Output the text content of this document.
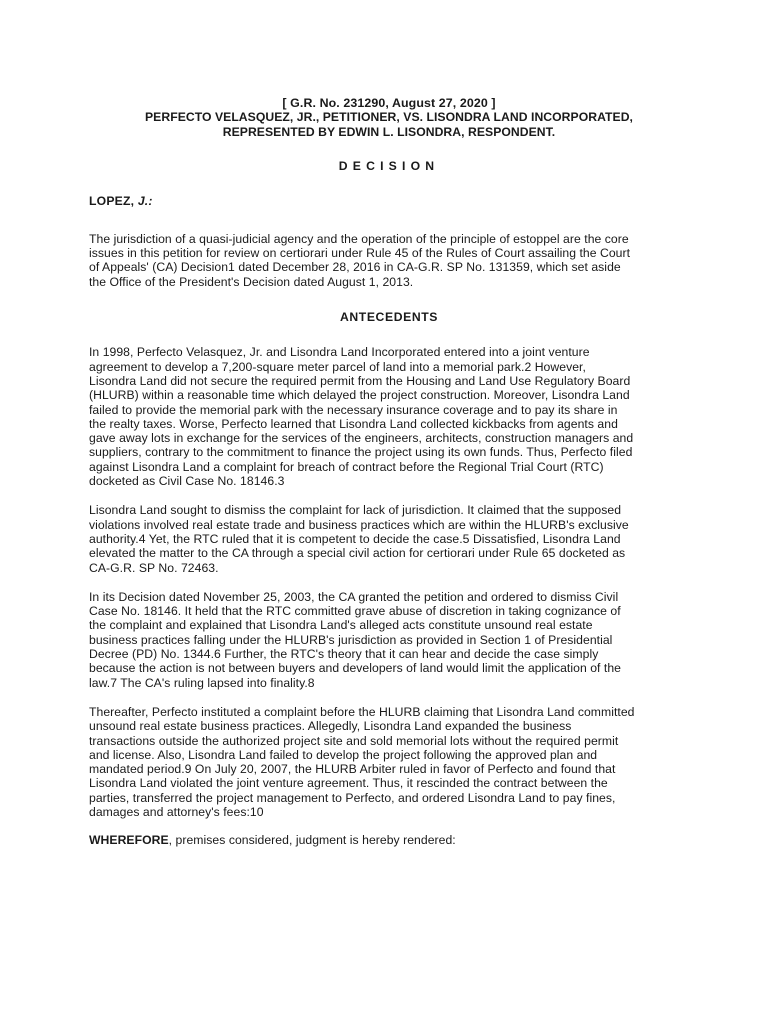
[ G.R. No. 231290, August 27, 2020 ]

PERFECTO VELASQUEZ, JR., PETITIONER, VS. LISONDRA LAND INCORPORATED,
REPRESENTED BY EDWIN L. LISONDRA, RESPONDENT.

DECISION

LOPEZ, J.:

The jurisdiction of a quasi-judicial agency and the operation of the principle of estoppel are the core
issues in this petition for review on certiorari under Rule 45 of the Rules of Court assailing the Court
of Appeals' (CA) Decision1 dated December 28, 2016 in CA-G.R. SP No. 131359, which set aside
the Office of the President's Decision dated August 1, 2013.

ANTECEDENTS

In 1998, Perfecto Velasquez, Jr. and Lisondra Land Incorporated entered into a joint venture
agreement to develop a 7,200-square meter parcel of land into a memorial park.2 However,
Lisondra Land did not secure the required permit from the Housing and Land Use Regulatory Board
(HLURB) within a reasonable time which delayed the project construction. Moreover, Lisondra Land
failed to provide the memorial park with the necessary insurance coverage and to pay its share in
the realty taxes. Worse, Perfecto learned that Lisondra Land collected kickbacks from agents and
gave away lots in exchange for the services of the engineers, architects, construction managers and
suppliers, contrary to the commitment to finance the project using its own funds. Thus, Perfecto filed
against Lisondra Land a complaint for breach of contract before the Regional Trial Court (RTC)
docketed as Civil Case No. 18146.3

Lisondra Land sought to dismiss the complaint for lack of jurisdiction. It claimed that the supposed
violations involved real estate trade and business practices which are within the HLURB's exclusive
authority.4 Yet, the RTC ruled that it is competent to decide the case.5 Dissatisfied, Lisondra Land
elevated the matter to the CA through a special civil action for certiorari under Rule 65 docketed as
CA-G.R. SP No. 72463.

In its Decision dated November 25, 2003, the CA granted the petition and ordered to dismiss Civil
Case No. 18146. It held that the RTC committed grave abuse of discretion in taking cognizance of
the complaint and explained that Lisondra Land's alleged acts constitute unsound real estate
business practices falling under the HLURB's jurisdiction as provided in Section 1 of Presidential
Decree (PD) No. 1344.6 Further, the RTC's theory that it can hear and decide the case simply
because the action is not between buyers and developers of land would limit the application of the
law.7 The CA's ruling lapsed into finality.8

Thereafter, Perfecto instituted a complaint before the HLURB claiming that Lisondra Land committed
unsound real estate business practices. Allegedly, Lisondra Land expanded the business
transactions outside the authorized project site and sold memorial lots without the required permit
and license. Also, Lisondra Land failed to develop the project following the approved plan and
mandated period.9 On July 20, 2007, the HLURB Arbiter ruled in favor of Perfecto and found that
Lisondra Land violated the joint venture agreement. Thus, it rescinded the contract between the
parties, transferred the project management to Perfecto, and ordered Lisondra Land to pay fines,
damages and attorney's fees:10

WHEREFORE, premises considered, judgment is hereby rendered:
